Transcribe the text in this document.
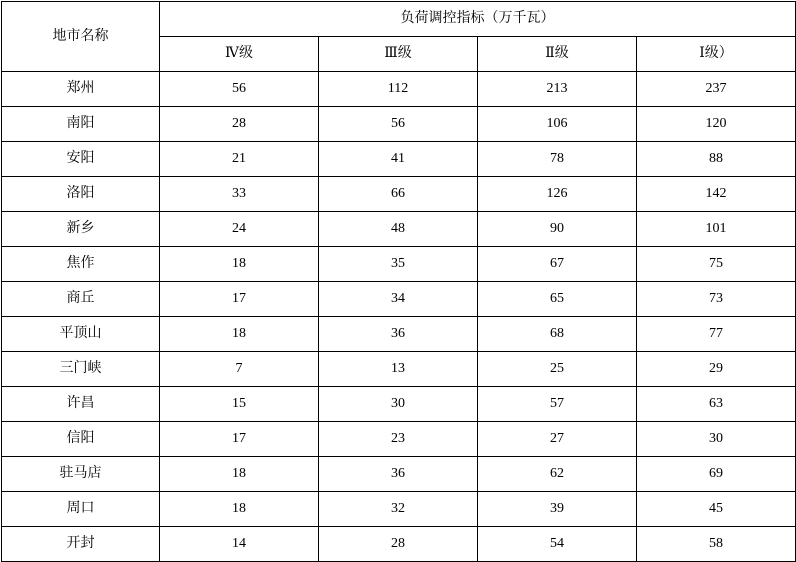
地市名称	负荷调控指标（万千瓦）			
	Ⅳ级	Ⅲ级	Ⅱ级	Ⅰ级）
郑州	56	112	213	237
南阳	28	56	106	120
安阳	21	41	78	88
洛阳	33	66	126	142
新乡	24	48	90	101
焦作	18	35	67	75
商丘	17	34	65	73
平顶山	18	36	68	77
三门峡	7	13	25	29
许昌	15	30	57	63
信阳	17	23	27	30
驻马店	18	36	62	69
周口	18	32	39	45
开封	14	28	54	58
